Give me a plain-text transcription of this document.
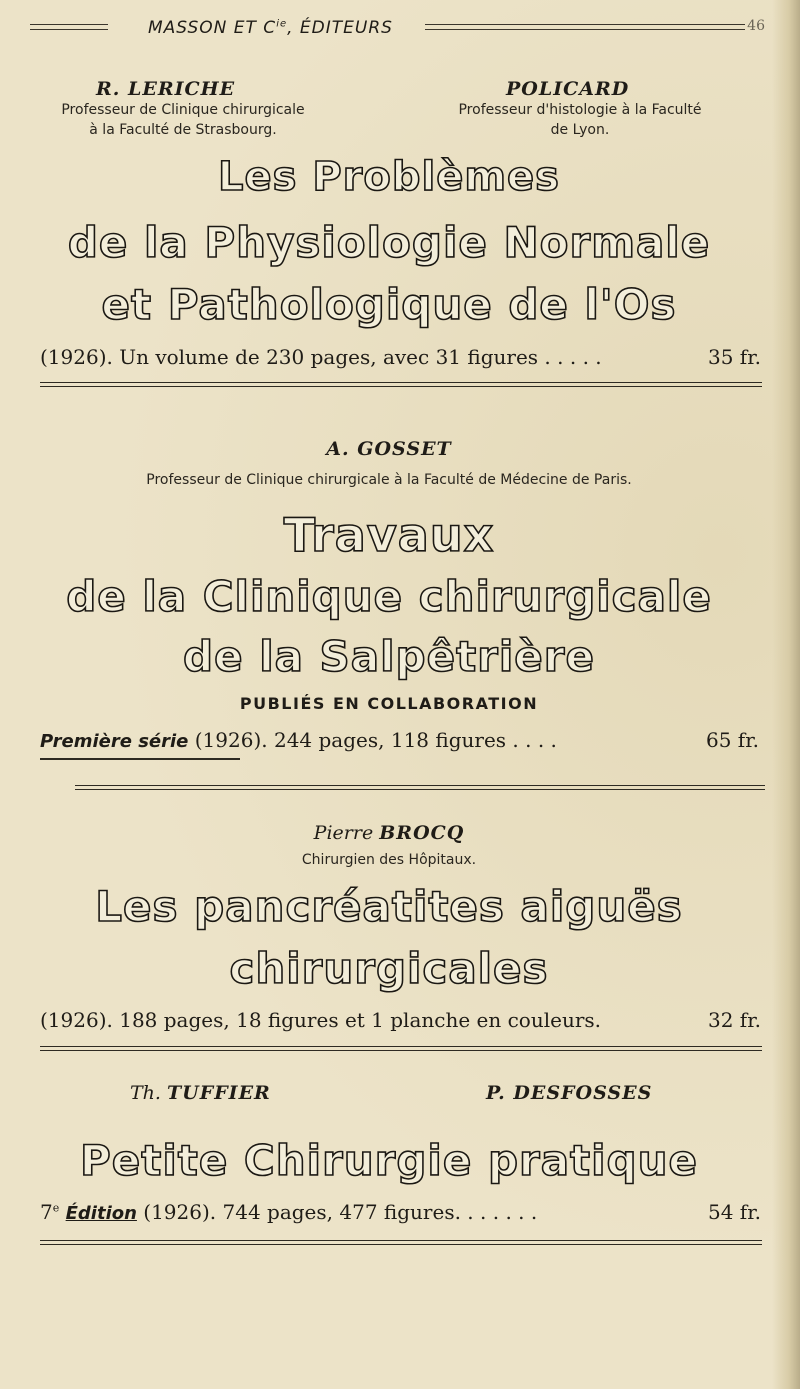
MASSON ET $C^{ie}$, ÉDITEURS	46
R. LERICHE
Professeur de Clinique chirurgicale
à la Faculté de Strasbourg.
POLICARD
Professeur d'histologie à la Faculté
de Lyon.
Les Problèmes
de la Physiologie Normale
et Pathologique de l'Os
(1926). Un volume de 230 pages, avec 31 figures . . . . .	35 fr.
A. GOSSET
Professeur de Clinique chirurgicale à la Faculté de Médecine de Paris.
Travaux
de la Clinique chirurgicale
de la Salpêtrière
PUBLIÉS EN COLLABORATION
Première série (1926). 244 pages, 118 figures . . . .	65 fr.
Pierre BROCQ
Chirurgien des Hôpitaux.
Les pancréatites aiguës
chirurgicales
(1926). 188 pages, 18 figures et 1 planche en couleurs.	32 fr.
Th. TUFFIER	P. DESFOSSES
Petite Chirurgie pratique
7e Édition (1926). 744 pages, 477 figures. . . . . . .	54 fr.
